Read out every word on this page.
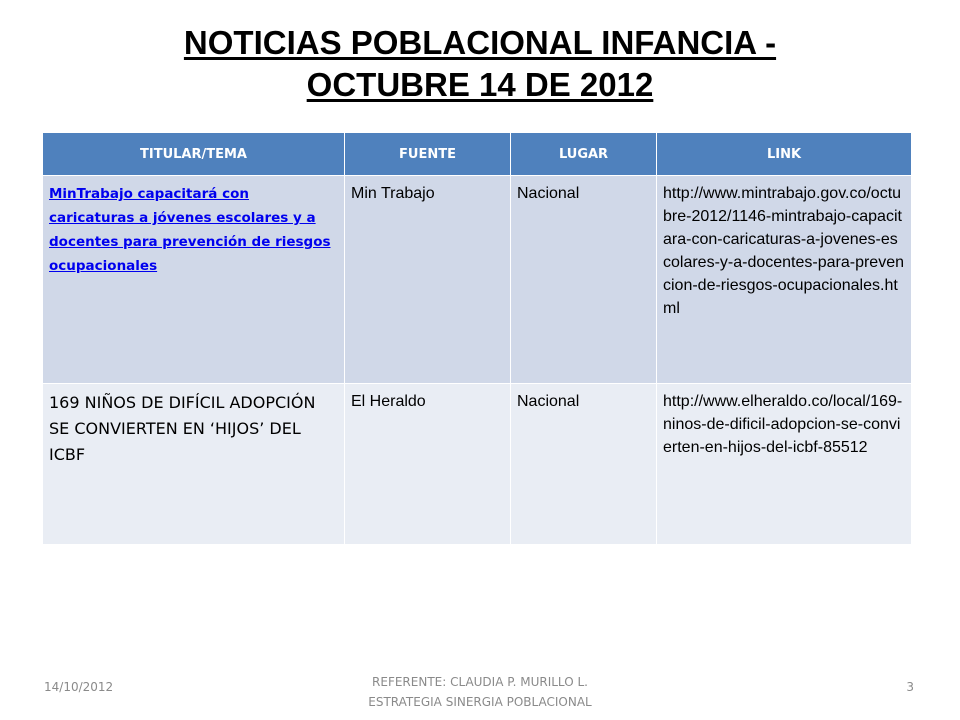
NOTICIAS POBLACIONAL INFANCIA -
OCTUBRE 14 DE 2012
TITULAR/TEMA	FUENTE	LUGAR	LINK
MinTrabajo capacitará con caricaturas a jóvenes escolares y a docentes para prevención de riesgos ocupacionales	Min Trabajo	Nacional	http://www.mintrabajo.gov.co/octubre-2012/1146-mintrabajo-capacitara-con-caricaturas-a-jovenes-escolares-y-a-docentes-para-prevencion-de-riesgos-ocupacionales.html
169 NIÑOS DE DIFÍCIL ADOPCIÓN SE CONVIERTEN EN ‘HIJOS’ DEL ICBF	El Heraldo	Nacional	http://www.elheraldo.co/local/169-ninos-de-dificil-adopcion-se-convierten-en-hijos-del-icbf-85512
14/10/2012	REFERENTE: CLAUDIA P. MURILLO L.
ESTRATEGIA SINERGIA POBLACIONAL
3
